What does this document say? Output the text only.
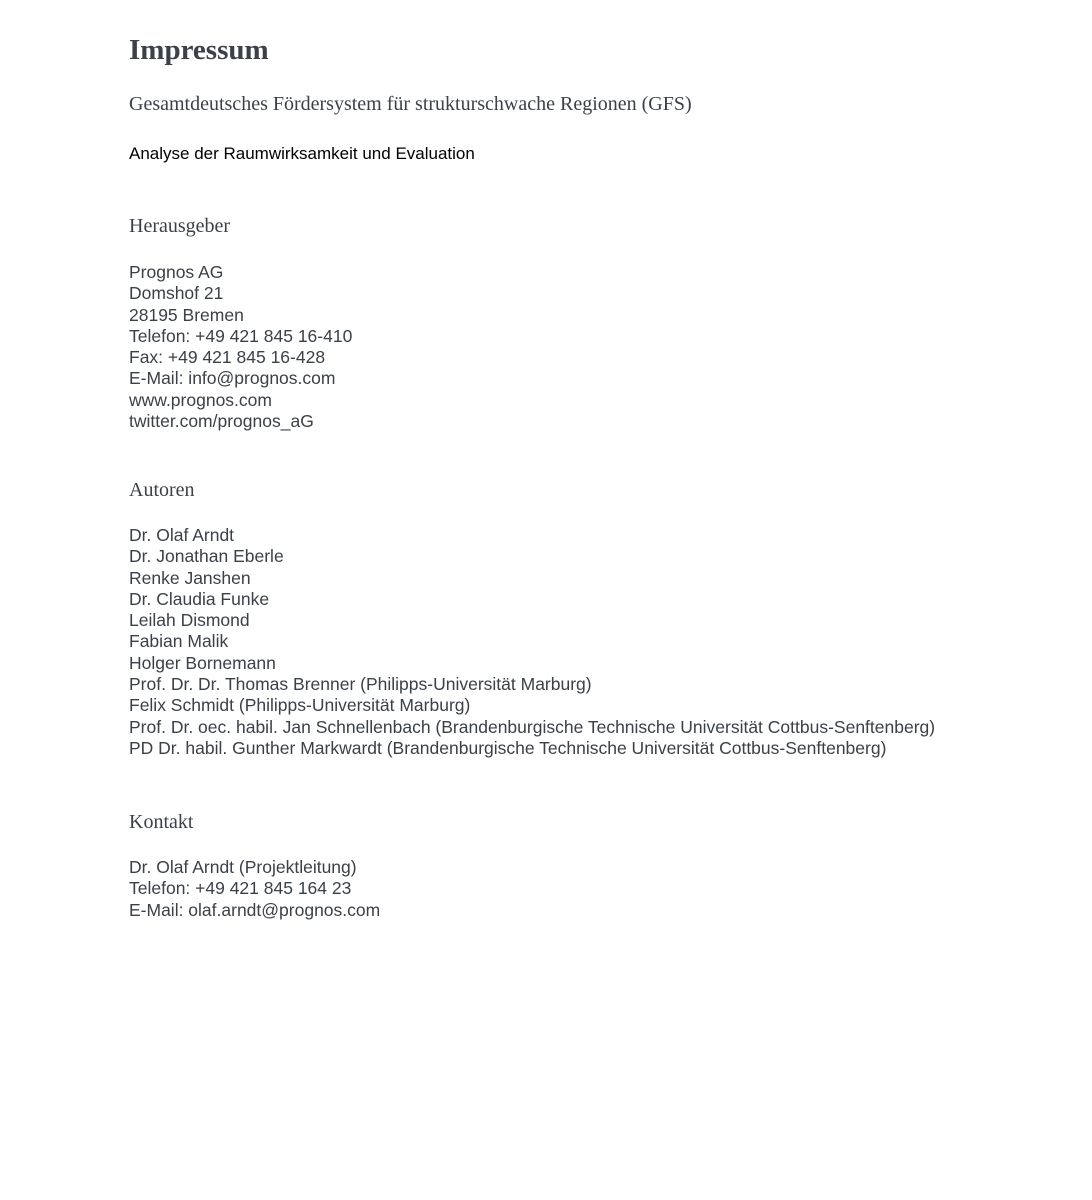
Impressum
Gesamtdeutsches Fördersystem für strukturschwache Regionen (GFS)
Analyse der Raumwirksamkeit und Evaluation
Herausgeber
Prognos AG
Domshof 21
28195 Bremen
Telefon: +49 421 845 16-410
Fax: +49 421 845 16-428
E-Mail: info@prognos.com
www.prognos.com
twitter.com/prognos_aG
Autoren
Dr. Olaf Arndt
Dr. Jonathan Eberle
Renke Janshen
Dr. Claudia Funke
Leilah Dismond
Fabian Malik
Holger Bornemann
Prof. Dr. Dr. Thomas Brenner (Philipps-Universität Marburg)
Felix Schmidt (Philipps-Universität Marburg)
Prof. Dr. oec. habil. Jan Schnellenbach (Brandenburgische Technische Universität Cottbus-Senftenberg)
PD Dr. habil. Gunther Markwardt (Brandenburgische Technische Universität Cottbus-Senftenberg)
Kontakt
Dr. Olaf Arndt (Projektleitung)
Telefon: +49 421 845 164 23
E-Mail: olaf.arndt@prognos.com
